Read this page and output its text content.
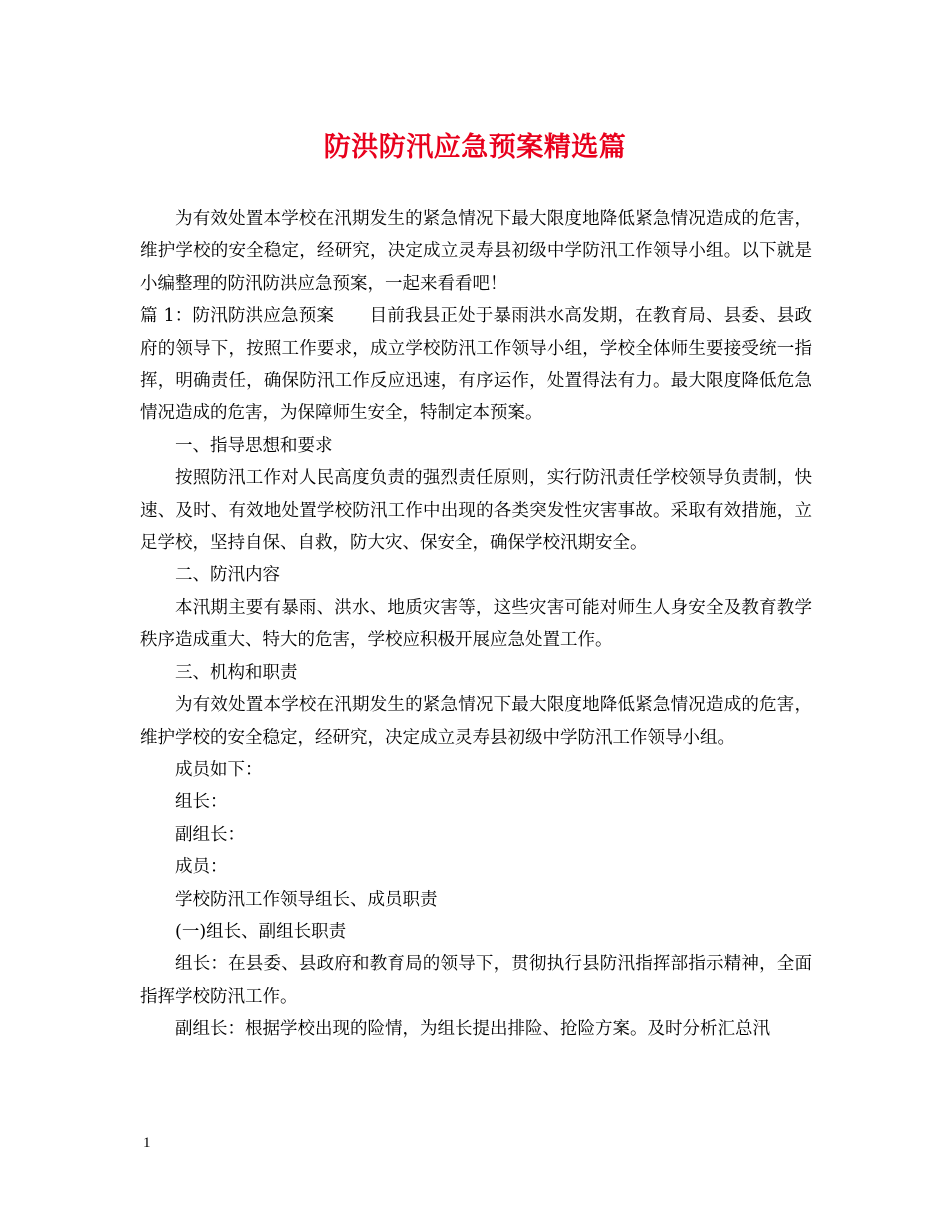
防洪防汛应急预案精选篇

为有效处置本学校在汛期发生的紧急情况下最大限度地降低紧急情况造成的危害，维护学校的安全稳定，经研究，决定成立灵寿县初级中学防汛工作领导小组。以下就是小编整理的防汛防洪应急预案，一起来看看吧！

篇 1：防汛防洪应急预案　　目前我县正处于暴雨洪水高发期，在教育局、县委、县政府的领导下，按照工作要求，成立学校防汛工作领导小组，学校全体师生要接受统一指挥，明确责任，确保防汛工作反应迅速，有序运作，处置得法有力。最大限度降低危急情况造成的危害，为保障师生安全，特制定本预案。

一、指导思想和要求

按照防汛工作对人民高度负责的强烈责任原则，实行防汛责任学校领导负责制，快速、及时、有效地处置学校防汛工作中出现的各类突发性灾害事故。采取有效措施，立足学校，坚持自保、自救，防大灾、保安全，确保学校汛期安全。

二、防汛内容

本汛期主要有暴雨、洪水、地质灾害等，这些灾害可能对师生人身安全及教育教学秩序造成重大、特大的危害，学校应积极开展应急处置工作。

三、机构和职责

为有效处置本学校在汛期发生的紧急情况下最大限度地降低紧急情况造成的危害，维护学校的安全稳定，经研究，决定成立灵寿县初级中学防汛工作领导小组。

成员如下：

组长：

副组长：

成员：

学校防汛工作领导组长、成员职责

(一)组长、副组长职责

组长：在县委、县政府和教育局的领导下，贯彻执行县防汛指挥部指示精神，全面指挥学校防汛工作。

副组长：根据学校出现的险情，为组长提出排险、抢险方案。及时分析汇总汛

1
